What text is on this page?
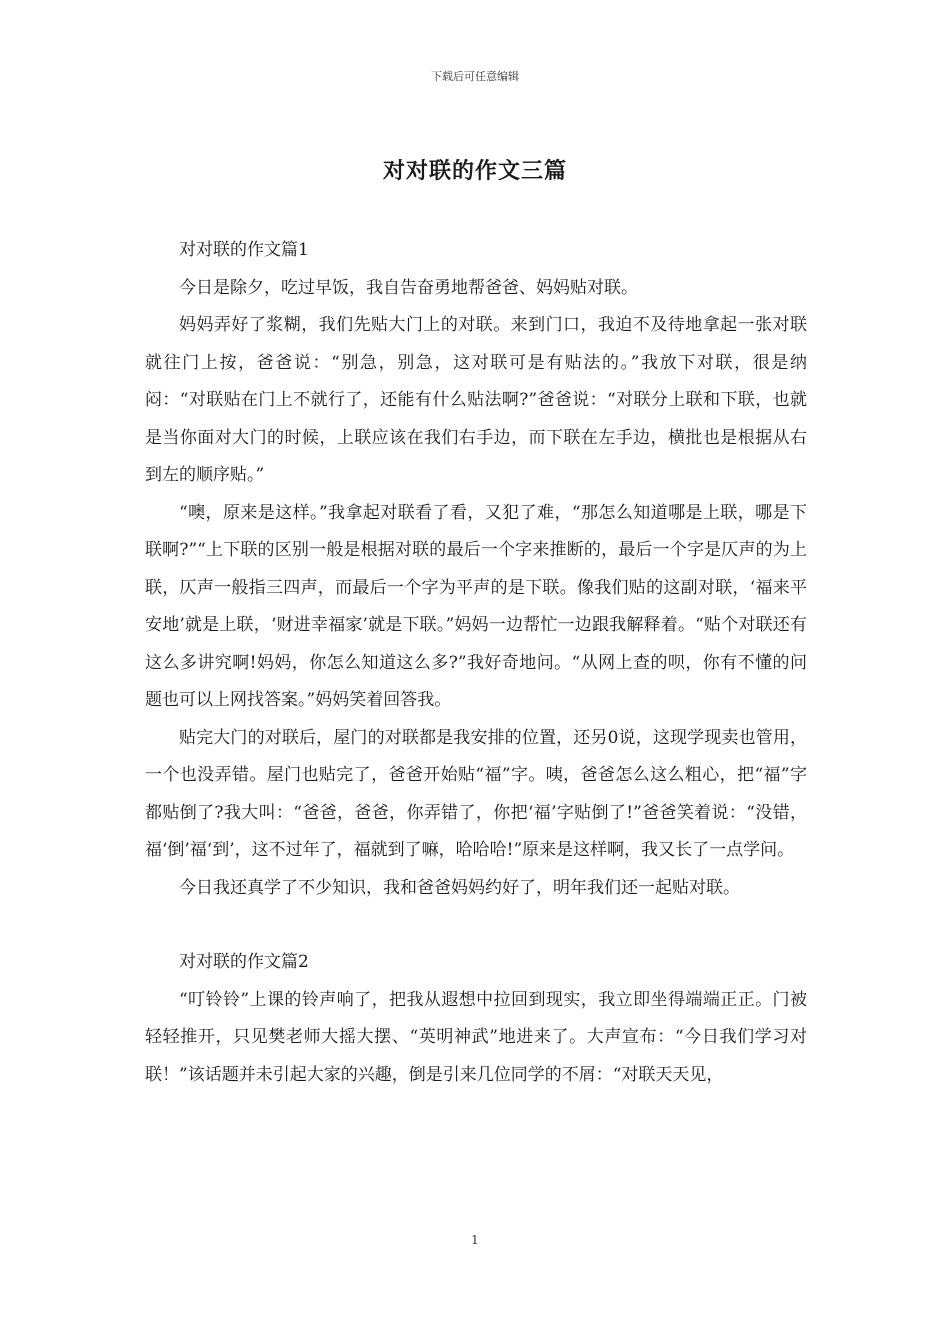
下载后可任意编辑
对对联的作文三篇

对对联的作文篇1

今日是除夕，吃过早饭，我自告奋勇地帮爸爸、妈妈贴对联。

妈妈弄好了浆糊，我们先贴大门上的对联。来到门口，我迫不及待地拿起一张对联就往门上按，爸爸说：“别急，别急，这对联可是有贴法的。”我放下对联，很是纳闷：“对联贴在门上不就行了，还能有什么贴法啊?”爸爸说：“对联分上联和下联，也就是当你面对大门的时候，上联应该在我们右手边，而下联在左手边，横批也是根据从右到左的顺序贴。”

“噢，原来是这样。”我拿起对联看了看，又犯了难，“那怎么知道哪是上联，哪是下联啊?”“上下联的区别一般是根据对联的最后一个字来推断的，最后一个字是仄声的为上联，仄声一般指三四声，而最后一个字为平声的是下联。像我们贴的这副对联，‘福来平安地’就是上联，‘财进幸福家’就是下联。”妈妈一边帮忙一边跟我解释着。“贴个对联还有这么多讲究啊!妈妈，你怎么知道这么多?”我好奇地问。“从网上查的呗，你有不懂的问题也可以上网找答案。”妈妈笑着回答我。

贴完大门的对联后，屋门的对联都是我安排的位置，还另0说，这现学现卖也管用，一个也没弄错。屋门也贴完了，爸爸开始贴“福”字。咦，爸爸怎么这么粗心，把“福”字都贴倒了?我大叫：“爸爸，爸爸，你弄错了，你把‘福’字贴倒了!”爸爸笑着说：“没错，福‘倒’福‘到’，这不过年了，福就到了嘛，哈哈哈!”原来是这样啊，我又长了一点学问。

今日我还真学了不少知识，我和爸爸妈妈约好了，明年我们还一起贴对联。

对对联的作文篇2

“叮铃铃”上课的铃声响了，把我从遐想中拉回到现实，我立即坐得端端正正。门被轻轻推开，只见樊老师大摇大摆、“英明神武”地进来了。大声宣布：“今日我们学习对联！”该话题并未引起大家的兴趣，倒是引来几位同学的不屑：“对联天天见，

1
